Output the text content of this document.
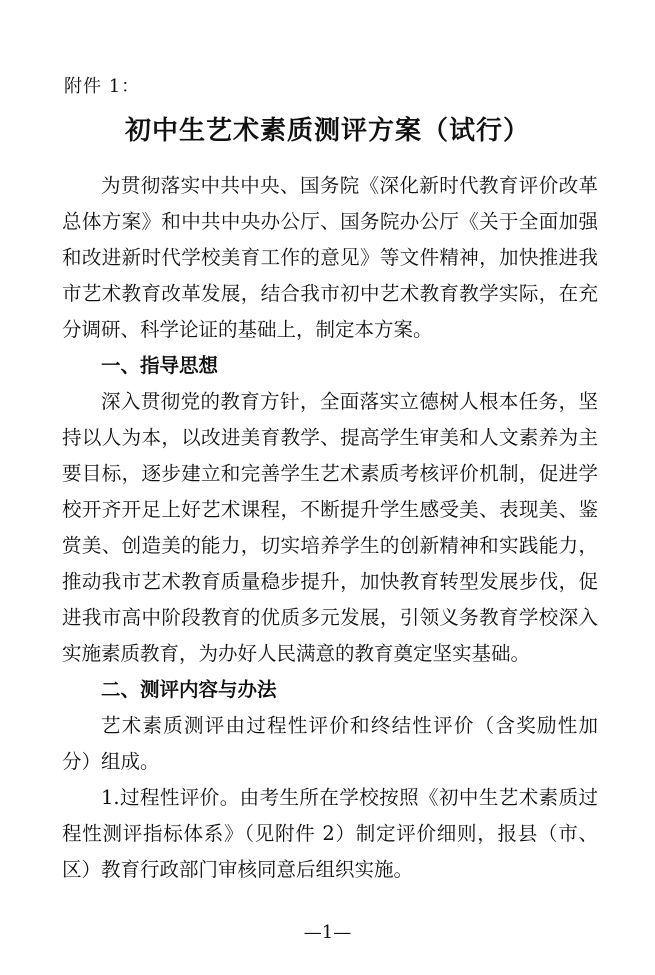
附件 1：
初中生艺术素质测评方案（试行）

为贯彻落实中共中央、国务院《深化新时代教育评价改革总体方案》和中共中央办公厅、国务院办公厅《关于全面加强和改进新时代学校美育工作的意见》等文件精神，加快推进我市艺术教育改革发展，结合我市初中艺术教育教学实际，在充分调研、科学论证的基础上，制定本方案。

一、指导思想

深入贯彻党的教育方针，全面落实立德树人根本任务，坚持以人为本，以改进美育教学、提高学生审美和人文素养为主要目标，逐步建立和完善学生艺术素质考核评价机制，促进学校开齐开足上好艺术课程，不断提升学生感受美、表现美、鉴赏美、创造美的能力，切实培养学生的创新精神和实践能力，推动我市艺术教育质量稳步提升，加快教育转型发展步伐，促进我市高中阶段教育的优质多元发展，引领义务教育学校深入实施素质教育，为办好人民满意的教育奠定坚实基础。

二、测评内容与办法

艺术素质测评由过程性评价和终结性评价（含奖励性加分）组成。

1.过程性评价。由考生所在学校按照《初中生艺术素质过程性测评指标体系》（见附件 2）制定评价细则，报县（市、区）教育行政部门审核同意后组织实施。

—1—
